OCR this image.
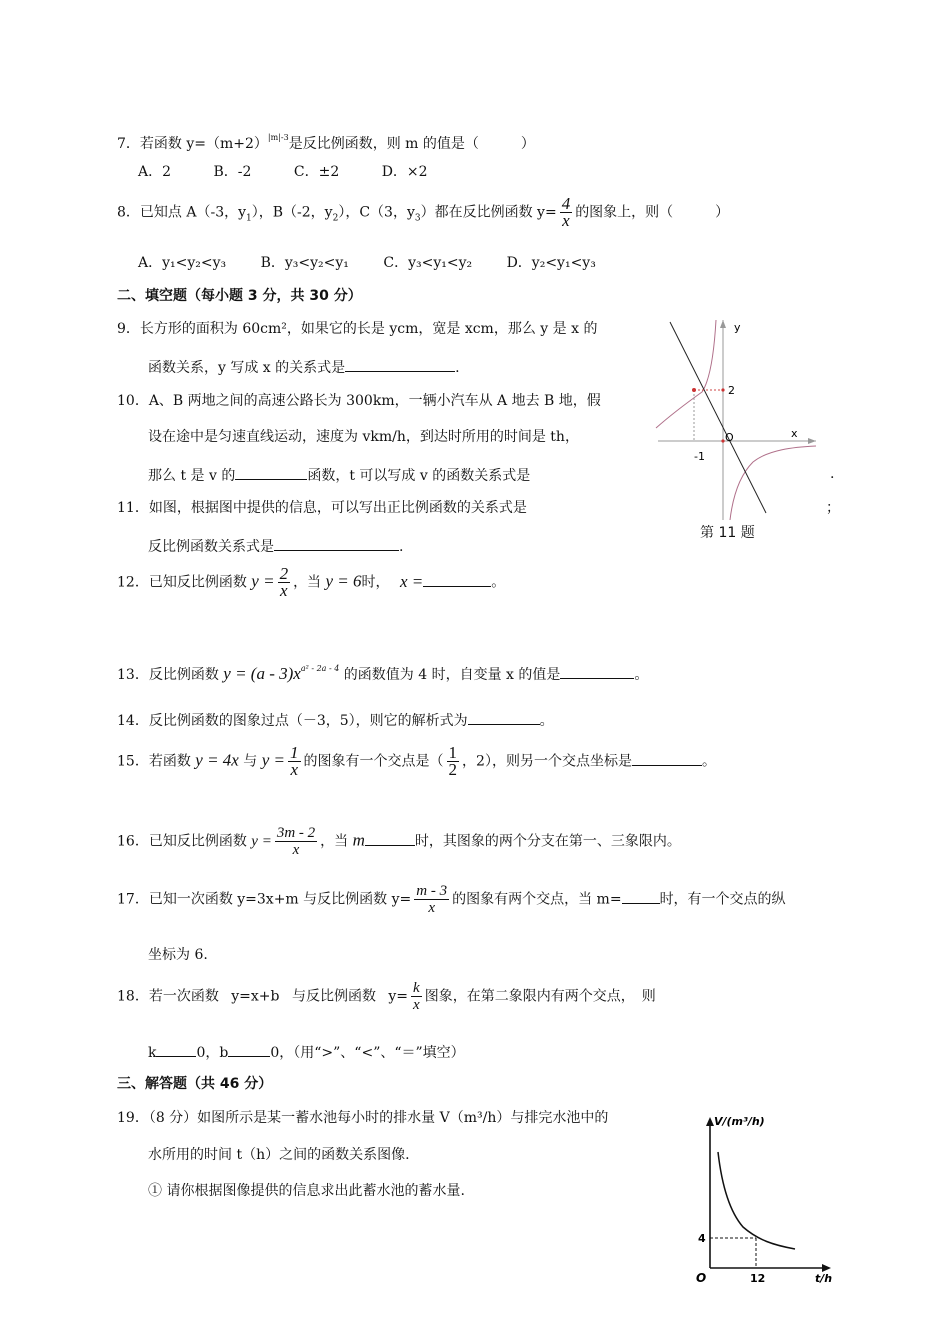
7．若函数 $y=(m+2)^{|m|-3}$是反比例函数，则 m 的值是（　　　）
A．2	B．-2	C．±2	D．×2
8．已知点 A（-3，$y_1$），B（-2，$y_2$），C（3，$y_3$）都在反比例函数 $y= \frac{4}{x}$ 的图象上，则（　　　）
A．y₁<y₂<y₃ B．y₃<y₂<y₁ C．y₃<y₁<y₂ D．y₂<y₁<y₃
二、填空题（每小题 3 分，共 30 分）
9．长方形的面积为 60cm²，如果它的长是 ycm，宽是 xcm，那么 y 是 x 的
函数关系，y 写成 x 的关系式是	.
10．A、B 两地之间的高速公路长为 300km，一辆小汽车从 A 地去 B 地，假
设在途中是匀速直线运动，速度为 vkm/h，到达时所用的时间是 th，
那么 t 是 v 的	函数，t 可以写成 v 的函数关系式是	.
11．如图，根据图中提供的信息，可以写出正比例函数的关系式是	；
反比例函数关系式是	.
y
x
2
O
-1
第 11 题
12．已知反比例函数 $y = \frac{2}{x}$ ，当 y = 6时， x =	。
13．反比例函数 $y = (a - 3)x^{a^2 - 2a - 4}$ 的函数值为 4 时，自变量 x 的值是	。
14．反比例函数的图象过点（－3，5），则它的解析式为	。
15．若函数 y = 4x 与 $y = \frac{1}{x}$ 的图象有一个交点是（ $\frac{1}{2}$ ，2），则另一个交点坐标是	。
16．已知反比例函数 $y = \frac{3m - 2}{x}$ ，当 m	时，其图象的两个分支在第一、三象限内。
17．已知一次函数 y=3x+m 与反比例函数 $y= \frac{m - 3}{x}$ 的图象有两个交点，当 m=	时，有一个交点的纵
坐标为 6.
18．若一次函数 y=x+b 与反比例函数 $y= \frac{k}{x}$ 图象，在第二象限内有两个交点，　则
k	0，b	0，（用“>”、“<”、“＝”填空）
三、解答题（共 46 分）
19．（8 分）如图所示是某一蓄水池每小时的排水量 V（m³/h）与排完水池中的
水所用的时间 t（h）之间的函数关系图像.
① 请你根据图像提供的信息求出此蓄水池的蓄水量.
V/(m³/h)
t/h
4
12
O
